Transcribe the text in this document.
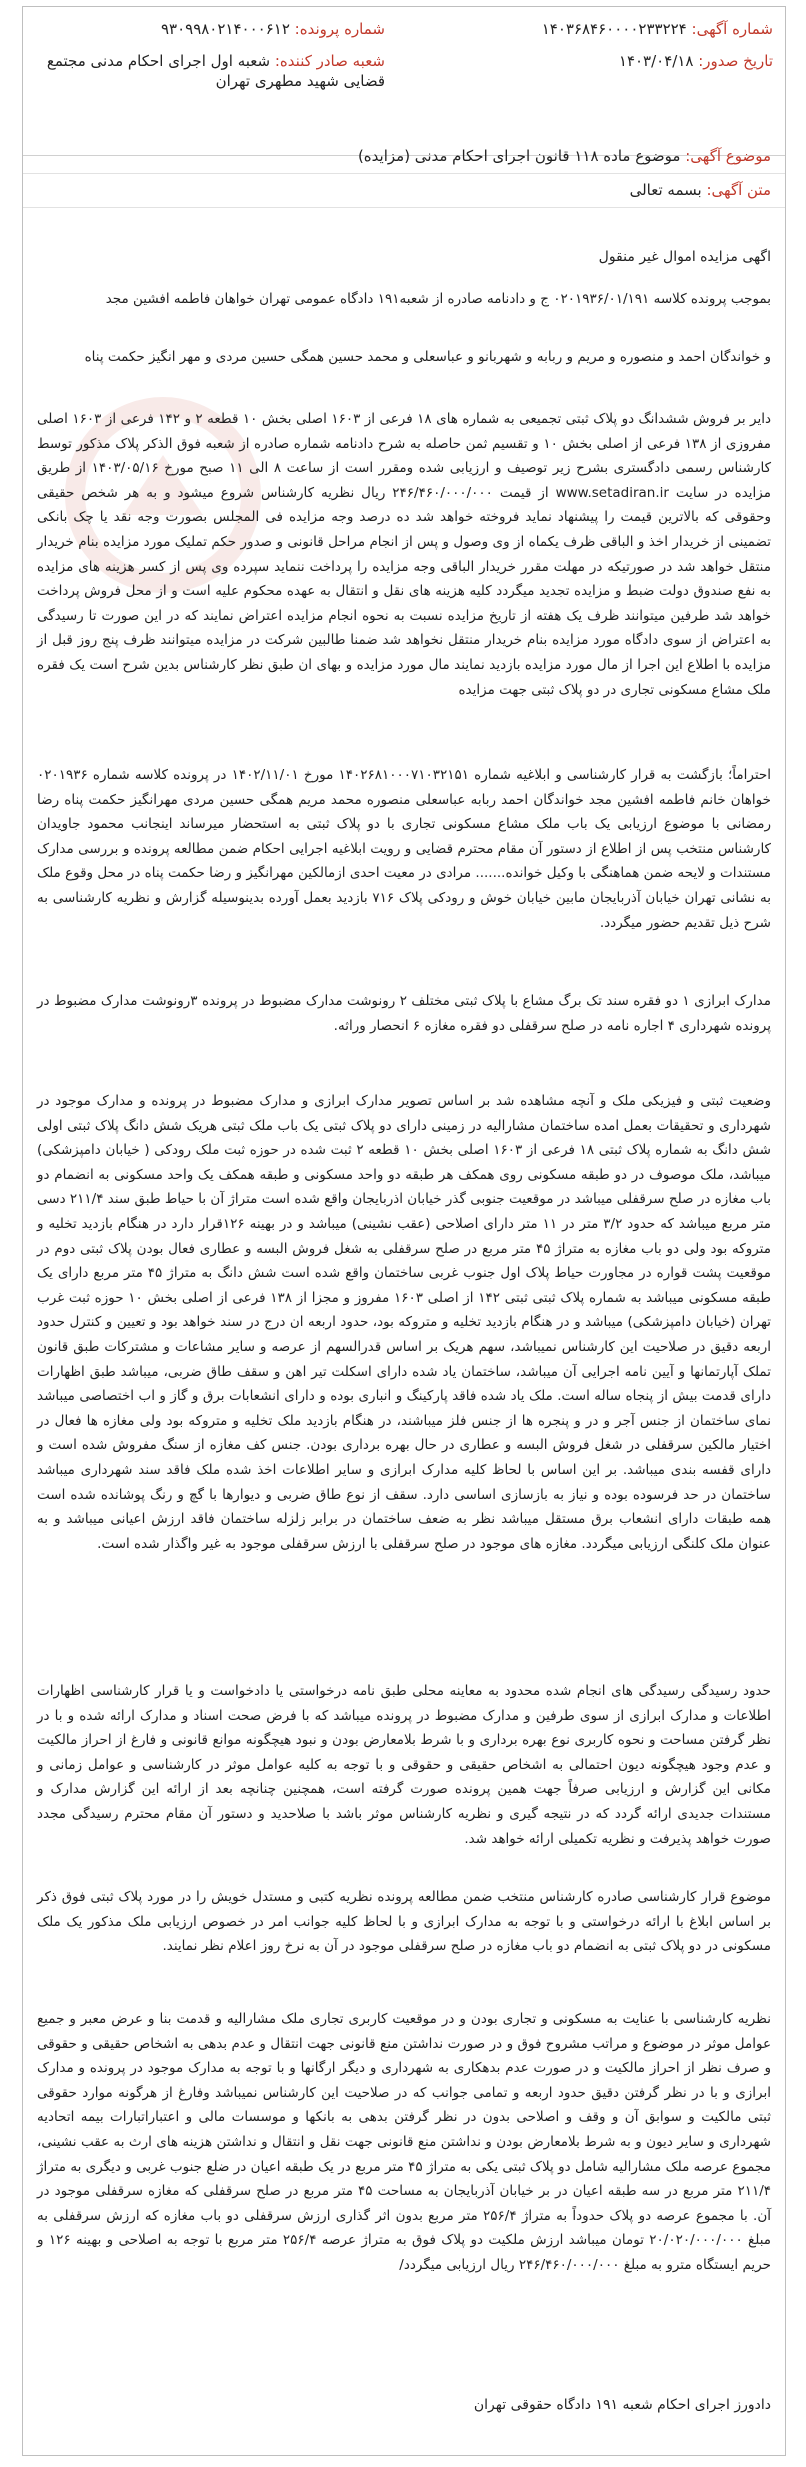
شماره آگهی: ۱۴۰۳۶۸۴۶۰۰۰۰۲۳۳۲۲۴
شماره پرونده: ۹۳۰۹۹۸۰۲۱۴۰۰۰۶۱۲
تاریخ صدور: ۱۴۰۳/۰۴/۱۸
شعبه صادر کننده: شعبه اول اجرای احکام مدنی مجتمع قضایی شهید مطهری تهران
موضوع آگهی: موضوع ماده ۱۱۸ قانون اجرای احکام مدنی (مزایده)
متن آگهی: بسمه تعالی
اگهی مزایده اموال غیر منقول

بموجب پرونده کلاسه ۰۲۰۱۹۳۶/۰۱/۱۹۱ ج و دادنامه صادره از شعبه۱۹۱ دادگاه عمومی تهران خواهان فاطمه افشین مجد

و خواندگان احمد و منصوره و مریم و ربابه و شهربانو و عباسعلی و محمد حسین همگی حسین مردی و مهر انگیز حکمت پناه

دایر بر فروش ششدانگ دو پلاک ثبتی تجمیعی به شماره های ۱۸ فرعی از ۱۶۰۳ اصلی بخش ۱۰ قطعه ۲ و ۱۴۲ فرعی از ۱۶۰۳ اصلی مفروزی از ۱۳۸ فرعی از اصلی بخش ۱۰ و تقسیم ثمن حاصله به شرح دادنامه شماره صادره از شعبه فوق الذکر پلاک مذکور توسط کارشناس رسمی دادگستری بشرح زیر توصیف و ارزیابی شده ومقرر است از ساعت ۸ الی ۱۱ صبح مورخ ۱۴۰۳/۰۵/۱۶ از طریق مزایده در سایت www.setadiran.ir از قیمت ۲۴۶/۴۶۰/۰۰۰/۰۰۰ ریال نظریه کارشناس شروع میشود و به هر شخص حقیقی وحقوقی که بالاترین قیمت را پیشنهاد نماید فروخته خواهد شد ده درصد وجه مزایده فی المجلس بصورت وجه نقد یا چک بانکی تضمینی از خریدار اخذ و الباقی ظرف یکماه از وی وصول و پس از انجام مراحل قانونی و صدور حکم تملیک مورد مزایده بنام خریدار منتقل خواهد شد در صورتیکه در مهلت مقرر خریدار الباقی وجه مزایده را پرداخت ننماید سپرده وی پس از کسر هزینه های مزایده به نفع صندوق دولت ضبط و مزایده تجدید میگردد کلیه هزینه های نقل و انتقال به عهده محکوم علیه است و از محل فروش پرداخت خواهد شد طرفین میتوانند ظرف یک هفته از تاریخ مزایده نسبت به نحوه انجام مزایده اعتراض نمایند که در این صورت تا رسیدگی به اعتراض از سوی دادگاه مورد مزایده بنام خریدار منتقل نخواهد شد ضمنا طالبین شرکت در مزایده میتوانند ظرف پنج روز قبل از مزایده با اطلاع این اجرا از مال مورد مزایده بازدید نمایند مال مورد مزایده و بهای ان طبق نظر کارشناس بدین شرح است یک فقره ملک مشاع مسکونی تجاری در دو پلاک ثبتی جهت مزایده

احتراماً؛ بازگشت به قرار کارشناسی و ابلاغیه شماره ۱۴۰۲۶۸۱۰۰۰۷۱۰۳۲۱۵۱ مورخ ۱۴۰۲/۱۱/۰۱ در پرونده کلاسه شماره ۰۲۰۱۹۳۶ خواهان خانم فاطمه افشین مجد خواندگان احمد ربابه عباسعلی منصوره محمد مریم همگی حسین مردی مهرانگیز حکمت پناه رضا رمضانی با موضوع ارزیابی یک باب ملک مشاع مسکونی تجاری با دو پلاک ثبتی به استحضار میرساند اینجانب محمود جاویدان کارشناس منتخب پس از اطلاع از دستور آن مقام محترم قضایی و رویت ابلاغیه اجرایی احکام ضمن مطالعه پرونده و بررسی مدارک مستندات و لایحه ضمن هماهنگی با وکیل خوانده....... مرادی در معیت احدی ازمالکین مهرانگیز و رضا حکمت پناه در محل وقوع ملک به نشانی تهران خیابان آذربایجان مابین خیابان خوش و رودکی پلاک ۷۱۶ بازدید بعمل آورده بدینوسیله گزارش و نظریه کارشناسی به شرح ذیل تقدیم حضور میگردد.

مدارک ابرازی ۱ دو فقره سند تک برگ مشاع با پلاک ثبتی مختلف ۲ رونوشت مدارک مضبوط در پرونده ۳رونوشت مدارک مضبوط در پرونده شهرداری ۴ اجاره نامه در صلح سرقفلی دو فقره مغازه ۶ انحصار وراثه.

وضعیت ثبتی و فیزیکی ملک و آنچه مشاهده شد بر اساس تصویر مدارک ابرازی و مدارک مضبوط در پرونده و مدارک موجود در شهرداری و تحقیقات بعمل امده ساختمان مشاراليه در زمینی دارای دو پلاک ثبتی یک باب ملک ثبتی هریک شش دانگ پلاک ثبتی اولی شش دانگ به شماره پلاک ثبتی ۱۸ فرعی از ۱۶۰۳ اصلی بخش ۱۰ قطعه ۲ ثبت شده در حوزه ثبت ملک رودکی ( خیابان دامپزشکی) میباشد، ملک موصوف در دو طبقه مسکونی روی همکف هر طبقه دو واحد مسکونی و طبقه همکف یک واحد مسکونی به انضمام دو باب مغازه در صلح سرقفلی میباشد در موقعیت جنوبی گذر خیابان اذربایجان واقع شده است متراژ آن با حیاط طبق سند ۲۱۱/۴ دسی متر مربع میباشد که حدود ۳/۲ متر در ۱۱ متر دارای اصلاحی (عقب نشینی) میباشد و در بهینه ۱۲۶قرار دارد در هنگام بازدید تخلیه و متروکه بود ولی دو باب مغازه به متراژ ۴۵ متر مربع در صلح سرقفلی به شغل فروش البسه و عطاری فعال بودن پلاک ثبتی دوم در موقعیت پشت قواره در مجاورت حیاط پلاک اول جنوب غربی ساختمان واقع شده است شش دانگ به متراژ ۴۵ متر مربع دارای یک طبقه مسکونی میباشد به شماره پلاک ثبتی ثبتی ۱۴۲ از اصلی ۱۶۰۳ مفروز و مجزا از ۱۳۸ فرعی از اصلی بخش ۱۰ حوزه ثبت غرب تهران (خیابان دامپزشکی) میباشد و در هنگام بازدید تخلیه و متروکه بود، حدود اربعه ان درج در سند خواهد بود و تعیین و کنترل حدود اربعه دقیق در صلاحیت این کارشناس نمیباشد، سهم هریک بر اساس قدرالسهم از عرصه و سایر مشاعات و مشترکات طبق قانون تملک آپارتمانها و آیین نامه اجرایی آن میباشد، ساختمان یاد شده دارای اسکلت تیر اهن و سقف طاق ضربی، میباشد طبق اظهارات دارای قدمت بیش از پنجاه ساله است. ملک یاد شده فاقد پارکینگ و انباری بوده و دارای انشعابات برق و گاز و اب اختصاصی میباشد نمای ساختمان از جنس آجر و در و پنجره ها از جنس فلز میباشند، در هنگام بازدید ملک تخلیه و متروکه بود ولی مغازه ها فعال در اختیار مالکین سرقفلی در شغل فروش البسه و عطاری در حال بهره برداری بودن. جنس کف مغازه از سنگ مفروش شده است و دارای قفسه بندی میباشد. بر این اساس با لحاظ کلیه مدارک ابرازی و سایر اطلاعات اخذ شده ملک فاقد سند شهرداری میباشد ساختمان در حد فرسوده بوده و نیاز به بازسازی اساسی دارد. سقف از نوع طاق ضربی و دیوارها با گچ و رنگ پوشانده شده است همه طبقات دارای انشعاب برق مستقل میباشد نظر به ضعف ساختمان در برابر زلزله ساختمان فاقد ارزش اعیانی میباشد و به عنوان ملک کلنگی ارزیابی میگردد. مغازه های موجود در صلح سرقفلی با ارزش سرقفلی موجود به غیر واگذار شده است.

حدود رسیدگی رسیدگی های انجام شده محدود به معاینه محلی طبق نامه درخواستی یا دادخواست و یا قرار کارشناسی اظهارات اطلاعات و مدارک ابرازی از سوی طرفین و مدارک مضبوط در پرونده میباشد که با فرض صحت اسناد و مدارک ارائه شده و با در نظر گرفتن مساحت و نحوه کاربری نوع بهره برداری و با شرط بلامعارض بودن و نبود هیچگونه موانع قانونی و فارغ از احراز مالکیت و عدم وجود هیچگونه دیون احتمالی به اشخاص حقیقی و حقوقی و با توجه به کلیه عوامل موثر در کارشناسی و عوامل زمانی و مکانی این گزارش و ارزیابی صرفاً جهت همین پرونده صورت گرفته است، همچنین چنانچه بعد از ارائه این گزارش مدارک و مستندات جدیدی ارائه گردد که در نتیجه گیری و نظریه کارشناس موثر باشد با صلاحدید و دستور آن مقام محترم رسیدگی مجدد صورت خواهد پذیرفت و نظریه تکمیلی ارائه خواهد شد.

موضوع قرار کارشناسی صادره کارشناس منتخب ضمن مطالعه پرونده نظریه کتبی و مستدل خویش را در مورد پلاک ثبتی فوق ذکر بر اساس ابلاغ با ارائه درخواستی و با توجه به مدارک ابرازی و با لحاظ کلیه جوانب امر در خصوص ارزیابی ملک مذکور یک ملک مسکونی در دو پلاک ثبتی به انضمام دو باب مغازه در صلح سرقفلی موجود در آن به نرخ روز اعلام نظر نمایند.

نظریه کارشناسی با عنایت به مسکونی و تجاری بودن و در موقعیت کاربری تجاری ملک مشاراليه و قدمت بنا و عرض معبر و جمیع عوامل موثر در موضوع و مراتب مشروح فوق و در صورت نداشتن منع قانونی جهت انتقال و عدم بدهی به اشخاص حقیقی و حقوقی و صرف نظر از احراز مالکیت و در صورت عدم بدهکاری به شهرداری و دیگر ارگانها و با توجه به مدارک موجود در پرونده و مدارک ابرازی و با در نظر گرفتن دقیق حدود اربعه و تمامی جوانب که در صلاحیت این کارشناس نمیباشد وفارغ از هرگونه موارد حقوقی ثبتی مالکیت و سوابق آن و وقف و اصلاحی بدون در نظر گرفتن بدهی به بانکها و موسسات مالی و اعتباراتبارات بیمه اتحادیه شهرداری و سایر دیون و به شرط بلامعارض بودن و نداشتن منع قانونی جهت نقل و انتقال و نداشتن هزینه های ارث به عقب نشینی، مجموع عرصه ملک مشاراليه شامل دو پلاک ثبتی یکی به متراژ ۴۵ متر مربع در یک طبقه اعیان در ضلع جنوب غربی و دیگری به متراژ ۲۱۱/۴ متر مربع در سه طبقه اعیان در بر خیابان آذربایجان به مساحت ۴۵ متر مربع در صلح سرقفلی که مغازه سرقفلی موجود در آن. با مجموع عرصه دو پلاک حدوداً به متراژ ۲۵۶/۴ متر مربع بدون اثر گذاری ارزش سرقفلی دو باب مغازه که ارزش سرقفلی به مبلغ ۲۰/۰۲۰/۰۰۰/۰۰۰ تومان میباشد ارزش ملکیت دو پلاک فوق به متراژ عرصه ۲۵۶/۴ متر مربع با توجه به اصلاحی و بهینه ۱۲۶ و حریم ایستگاه مترو به مبلغ ۲۴۶/۴۶۰/۰۰۰/۰۰۰ ریال ارزیابی میگردد/

دادورز اجرای احکام شعبه ۱۹۱ دادگاه حقوقی تهران
